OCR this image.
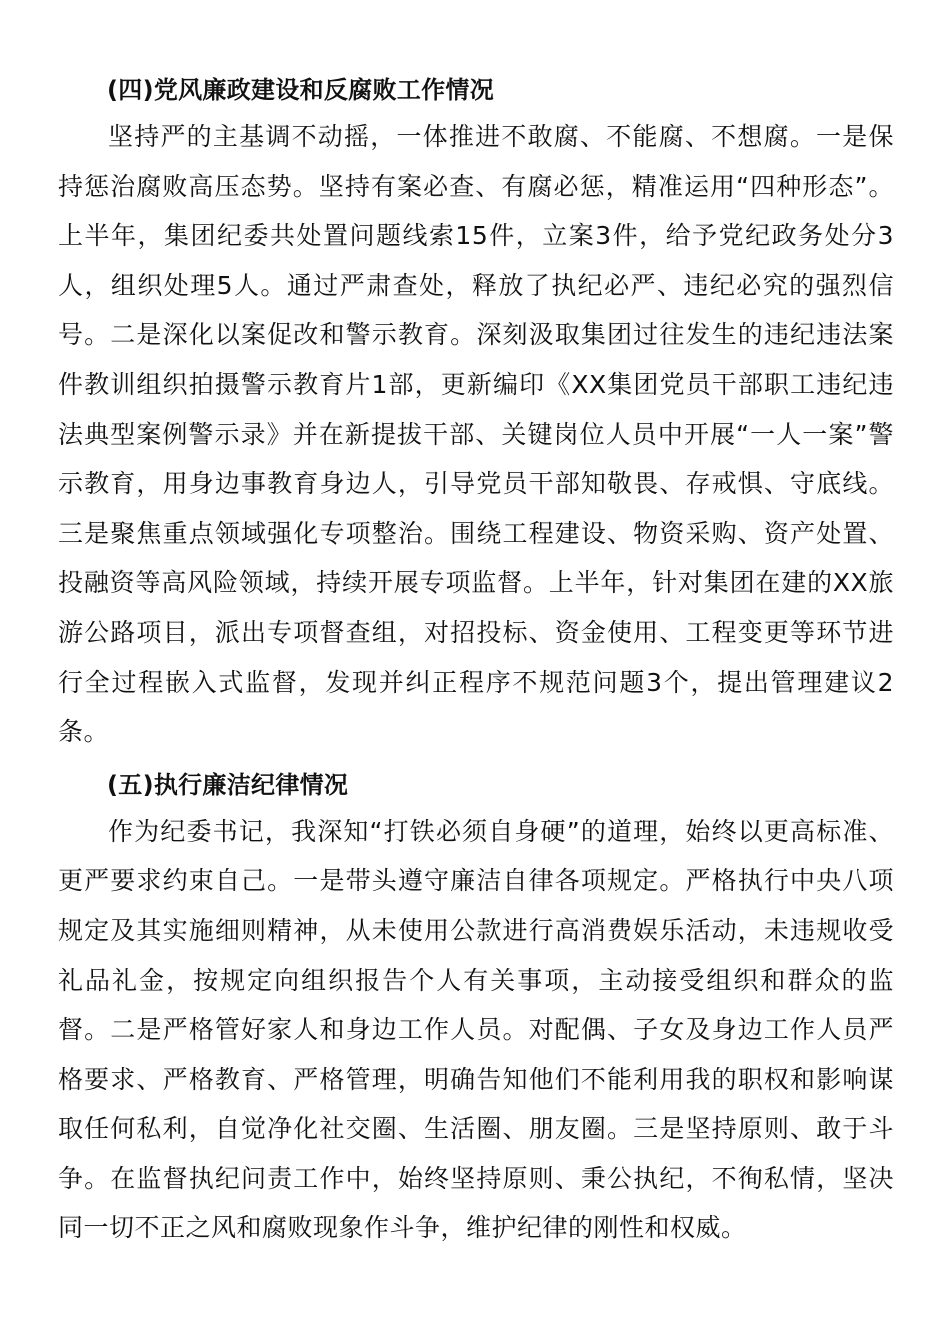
(四)党风廉政建设和反腐败工作情况

坚持严的主基调不动摇，一体推进不敢腐、不能腐、不想腐。一是保持惩治腐败高压态势。坚持有案必查、有腐必惩，精准运用“四种形态”。上半年，集团纪委共处置问题线索15件，立案3件，给予党纪政务处分3人，组织处理5人。通过严肃查处，释放了执纪必严、违纪必究的强烈信号。二是深化以案促改和警示教育。深刻汲取集团过往发生的违纪违法案件教训组织拍摄警示教育片1部，更新编印《XX集团党员干部职工违纪违法典型案例警示录》并在新提拔干部、关键岗位人员中开展“一人一案”警示教育，用身边事教育身边人，引导党员干部知敬畏、存戒惧、守底线。三是聚焦重点领域强化专项整治。围绕工程建设、物资采购、资产处置、投融资等高风险领域，持续开展专项监督。上半年，针对集团在建的XX旅游公路项目，派出专项督查组，对招投标、资金使用、工程变更等环节进行全过程嵌入式监督，发现并纠正程序不规范问题3个，提出管理建议2条。

(五)执行廉洁纪律情况

作为纪委书记，我深知“打铁必须自身硬”的道理，始终以更高标准、更严要求约束自己。一是带头遵守廉洁自律各项规定。严格执行中央八项规定及其实施细则精神，从未使用公款进行高消费娱乐活动，未违规收受礼品礼金，按规定向组织报告个人有关事项，主动接受组织和群众的监督。二是严格管好家人和身边工作人员。对配偶、子女及身边工作人员严格要求、严格教育、严格管理，明确告知他们不能利用我的职权和影响谋取任何私利，自觉净化社交圈、生活圈、朋友圈。三是坚持原则、敢于斗争。在监督执纪问责工作中，始终坚持原则、秉公执纪，不徇私情，坚决同一切不正之风和腐败现象作斗争，维护纪律的刚性和权威。
